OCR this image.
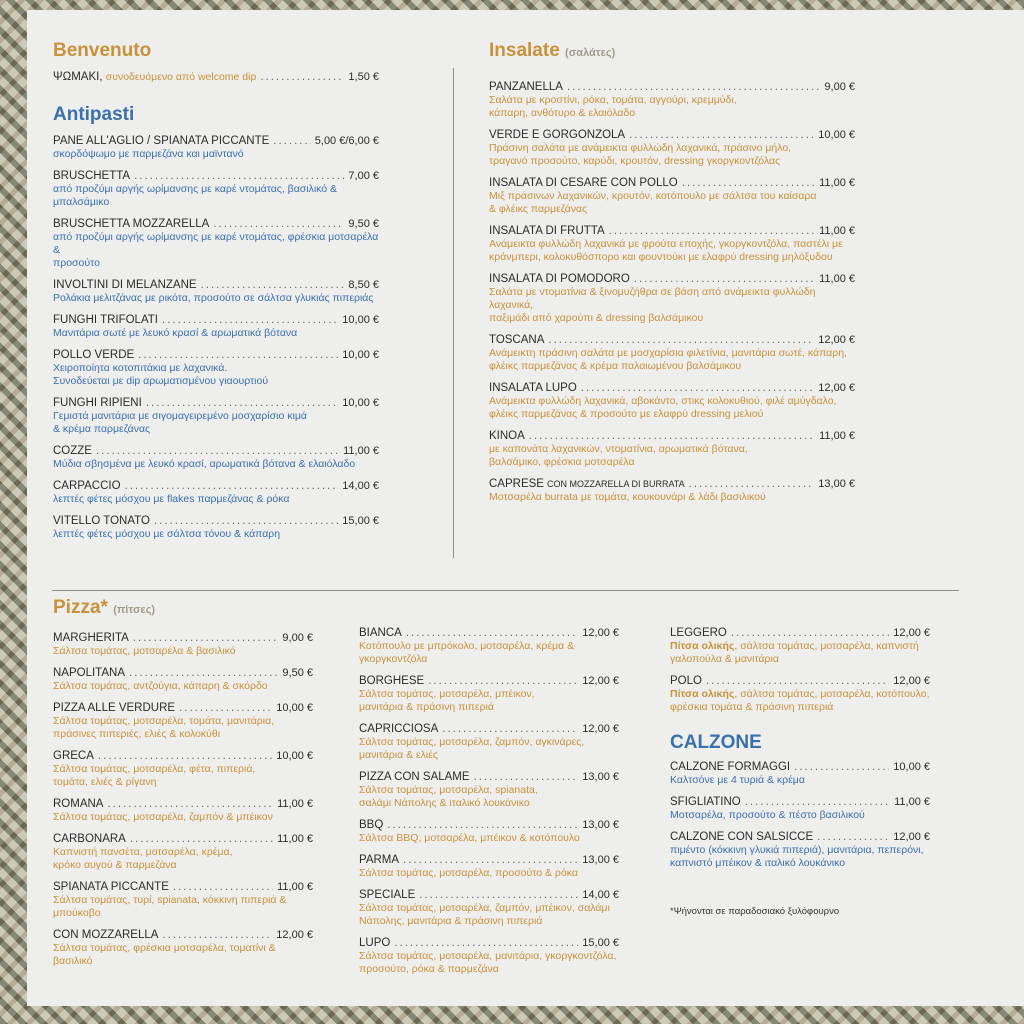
Benvenuto
ΨΩΜΑΚΙ,
συνοδευόμενο από welcome dip .....	1,50 €
Antipasti
PANE ALL'AGLIO / SPIANATA PICCANTE .....	5,00 €/6,00 €
σκορδόψωμο με παρμεζάνα και μαϊντανό
BRUSCHETTA .....	7,00 €
από προζύμι αργής ωρίμανσης με καρέ ντομάτας, βασιλικό & μπαλσάμικο
BRUSCHETTA MOZZARELLA .....	9,50 €
από προζύμι αργής ωρίμανσης με καρέ ντομάτας, φρέσκια μοτσαρέλα &
προσούτο
INVOLTINI DI MELANZANE .....	8,50 €
Ρολάκια μελιτζάνας με ρικότα, προσούτο σε σάλτσα γλυκιάς πιπεριάς
FUNGHI TRIFOLATI .....	10,00 €
Μανιτάρια σωτέ με λευκό κρασί & αρωματικά βότανα
POLLO VERDE .....	10,00 €
Χειροποίητα κοτοπιτάκια με λαχανικά.
Συνοδεύεται με dip αρωματισμένου γιαουρτιού
FUNGHI RIPIENI .....	10,00 €
Γεμιστά μανιτάρια με σιγομαγειρεμένο μοσχαρίσιο κιμά
& κρέμα παρμεζάνας
COZZE .....	11,00 €
Μύδια σβησμένα με λευκό κρασί, αρωματικά βότανα & ελαιόλαδο
CARPACCIO .....	14,00 €
λεπτές φέτες μόσχου με flakes παρμεζάνας & ρόκα
VITELLO TONATO .....	15,00 €
λεπτές φέτες μόσχου με σάλτσα τόνου & κάπαρη
Insalate (σαλάτες)
PANZANELLA .....	9,00 €
Σαλάτα με κροστίνι, ρόκα, τομάτα, αγγούρι, κρεμμύδι,
κάπαρη, ανθότυρο & ελαιόλαδο
VERDE E GORGONZOLA .....	10,00 €
Πράσινη σαλάτα με ανάμεικτα φυλλώδη λαχανικά, πράσινο μήλο,
τραγανό προσούτο, καρύδι, κρουτόν, dressing γκοργκοντζόλας
INSALATA DI CESARE CON POLLO .....	11,00 €
Μιξ πράσινων λαχανικών, κρουτόν, κοτόπουλο με σάλτσα του καίσαρα
& φλέικς παρμεζάνας
INSALATA DI FRUTTA .....	11,00 €
Ανάμεικτα φυλλώδη λαχανικά με φρούτα εποχής, γκοργκοντζόλα, παστέλι με
κράνμπερι, κολοκυθόσπορο και φουντούκι με ελαφρύ dressing μηλόξυδου
INSALATA DI POMODORO .....	11,00 €
Σαλάτα με ντοματίνια & ξινομυζήθρα σε βάση από ανάμεικτα φυλλώδη λαχανικά,
παξιμάδι από χαρούπι & dressing βαλσάμικου
TOSCANA .....	12,00 €
Ανάμεικτη πράσινη σαλάτα με μοσχαρίσια φιλετίνια, μανιτάρια σωτέ, κάπαρη,
φλέικς παρμεζάνας & κρέμα παλαιωμένου βαλσάμικου
INSALATA LUPO .....	12,00 €
Ανάμεικτα φυλλώδη λαχανικά, αβοκάντο, στικς κολοκυθιού, φιλέ αμύγδαλο,
φλέικς παρμεζάνας & προσούτο με ελαφρύ dressing μελιού
KINOA .....	11,00 €
με καπονάτα λαχανικών, ντοματίνια, αρωματικά βότανα,
βαλσάμικο, φρέσκια μοτσαρέλα
CAPRESE CON MOZZARELLA DI BURRATA .....	13,00 €
Μοτσαρέλα burrata με τομάτα, κουκουνάρι & λάδι βασιλικού
Pizza* (πίτσες)
MARGHERITA .....	9,00 €
Σάλτσα τομάτας, μοτσαρέλα & βασιλικό
NAPOLITANA .....	9,50 €
Σάλτσα τομάτας, αντζούγια, κάπαρη & σκόρδο
PIZZA ALLE VERDURE .....	10,00 €
Σάλτσα τομάτας, μοτσαρέλα, τομάτα, μανιτάρια,
πράσινες πιπεριές, ελιές & κολοκύθι
GRECA .....	10,00 €
Σάλτσα τομάτας, μοτσαρέλα, φέτα, πιπεριά,
τομάτα, ελιές & ρίγανη
ROMANA .....	11,00 €
Σάλτσα τομάτας, μοτσαρέλα, ζαμπόν & μπέικον
CARBONARA .....	11,00 €
Καπνιστή πανσέτα, μοτσαρέλα, κρέμα,
κρόκο αυγού & παρμεζάνα
SPIANATA PICCANTE .....	11,00 €
Σάλτσα τομάτας, τυρί, spianata, κόκκινη πιπεριά &
μπούκοβο
CON MOZZARELLA .....	12,00 €
Σάλτσα τομάτας, φρέσκια μοτσαρέλα, τοματίνι & βασιλικό
BIANCA .....	12,00 €
Κοτόπουλο με μπρόκολο, μοτσαρέλα, κρέμα &
γκοργκοντζόλα
BORGHESE .....	12,00 €
Σάλτσα τομάτας, μοτσαρέλα, μπέικον,
μανιτάρια & πράσινη πιπεριά
CAPRICCIOSA .....	12,00 €
Σάλτσα τομάτας, μοτσαρέλα, ζαμπόν, αγκινάρες,
μανιτάρια & ελιές
PIZZA CON SALAME .....	13,00 €
Σάλτσα τομάτας, μοτσαρέλα, spianata,
σαλάμι Νάπολης & ιταλικό λουκάνικο
BBQ .....	13,00 €
Σάλτσα BBQ, μοτσαρέλα, μπέικον & κοτόπουλο
PARMA .....	13,00 €
Σάλτσα τομάτας, μοτσαρέλα, προσούτο & ρόκα
SPECIALE .....	14,00 €
Σάλτσα τομάτας, μοτσαρέλα, ζαμπόν, μπέικον, σαλάμι
Νάπολης, μανιτάρια & πράσινη πιπεριά
LUPO .....	15,00 €
Σάλτσα τομάτας, μοτσαρέλα, μανιτάρια, γκοργκοντζόλα,
προσούτο, ρόκα & παρμεζάνα
LEGGERO .....	12,00 €
Πίτσα ολικής, σάλτσα τομάτας, μοτσαρέλα, καπνιστή
γαλοπούλα & μανιτάρια
POLO .....	12,00 €
Πίτσα ολικής, σάλτσα τομάτας, μοτσαρέλα, κοτόπουλο,
φρέσκια τομάτα & πράσινη πιπεριά
CALZONE
CALZONE FORMAGGI .....	10,00 €
Καλτσόνε με 4 τυριά & κρέμα
SFIGLIATINO .....	11,00 €
Μοτσαρέλα, προσούτο & πέστο βασιλικού
CALZONE CON SALSICCE .....	12,00 €
πιμέντο (κόκκινη γλυκιά πιπεριά), μανιτάρια, πεπερόνι,
καπνιστό μπέικον & ιταλικό λουκάνικο
*Ψήνονται σε παραδοσιακό ξυλόφουρνο
